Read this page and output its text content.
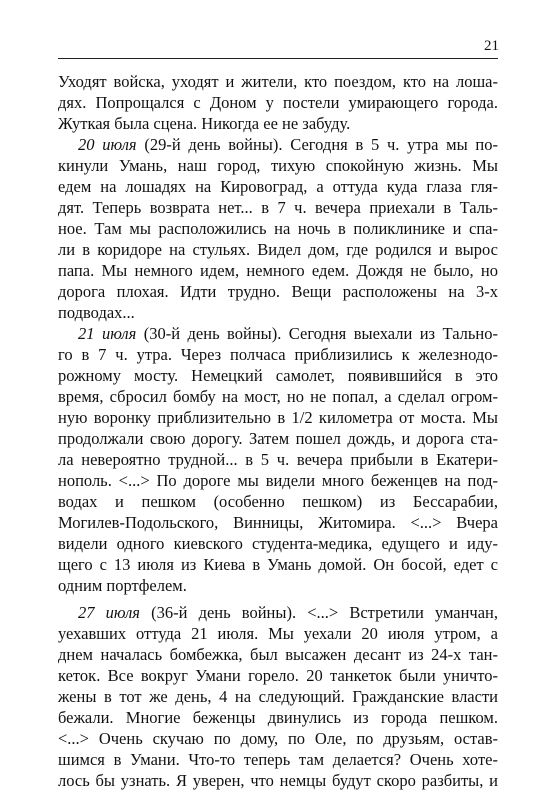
21
Уходят войска, уходят и жители, кто поездом, кто на лоша-
дях. Попрощался с Доном у постели умирающего города.
Жуткая была сцена. Никогда ее не забуду.
20 июля (29-й день войны). Сегодня в 5 ч. утра мы по-
кинули Умань, наш город, тихую спокойную жизнь. Мы
едем на лошадях на Кировоград, а оттуда куда глаза гля-
дят. Теперь возврата нет... в 7 ч. вечера приехали в Таль-
ное. Там мы расположились на ночь в поликлинике и спа-
ли в коридоре на стульях. Видел дом, где родился и вырос
папа. Мы немного идем, немного едем. Дождя не было, но
дорога плохая. Идти трудно. Вещи расположены на 3-х
подводах...
21 июля (30-й день войны). Сегодня выехали из Тально-
го в 7 ч. утра. Через полчаса приблизились к железнодо-
рожному мосту. Немецкий самолет, появившийся в это
время, сбросил бомбу на мост, но не попал, а сделал огром-
ную воронку приблизительно в 1/2 километра от моста. Мы
продолжали свою дорогу. Затем пошел дождь, и дорога ста-
ла невероятно трудной... в 5 ч. вечера прибыли в Екатери-
нополь. <...> По дороге мы видели много беженцев на под-
водах и пешком (особенно пешком) из Бессарабии,
Могилев-Подольского, Винницы, Житомира. <...> Вчера
видели одного киевского студента-медика, едущего и иду-
щего с 13 июля из Киева в Умань домой. Он босой, едет с
одним портфелем.
27 июля (36-й день войны). <...> Встретили уманчан,
уехавших оттуда 21 июля. Мы уехали 20 июля утром, а
днем началась бомбежка, был высажен десант из 24-х тан-
кеток. Все вокруг Умани горело. 20 танкеток были уничто-
жены в тот же день, 4 на следующий. Гражданские власти
бежали. Многие беженцы двинулись из города пешком.
<...> Очень скучаю по дому, по Оле, по друзьям, остав-
шимся в Умани. Что-то теперь там делается? Очень хоте-
лось бы узнать. Я уверен, что немцы будут скоро разбиты, и
